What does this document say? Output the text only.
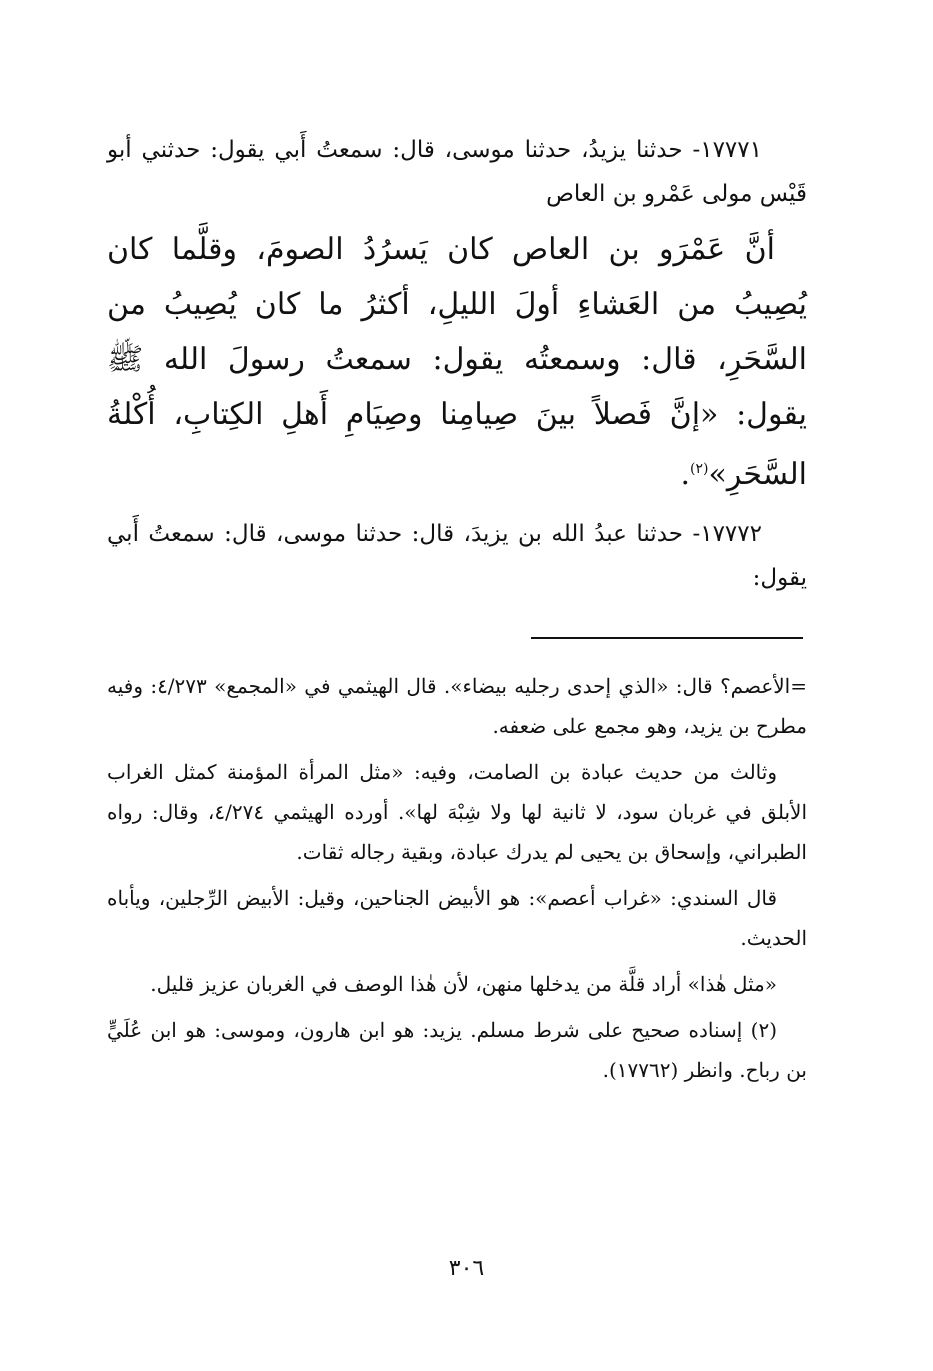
١٧٧٧١- حدثنا يزيدُ، حدثنا موسى، قال: سمعتُ أَبي يقول: حدثني أبو قَيْس مولى عَمْرو بن العاص

أنَّ عَمْرَو بن العاص كان يَسرُدُ الصومَ، وقلَّما كان يُصِيبُ من العَشاءِ أولَ الليلِ، أكثرُ ما كان يُصِيبُ من السَّحَرِ، قال: وسمعتُه يقول: سمعتُ رسولَ الله ﷺ يقول: «إنَّ فَصلاً بينَ صِيامِنا وصِيَامِ أَهلِ الكِتابِ، أُكْلةُ السَّحَرِ»$^{(٢)}$.

١٧٧٧٢- حدثنا عبدُ الله بن يزيدَ، قال: حدثنا موسى، قال: سمعتُ أَبي يقول:

=الأعصم؟ قال: «الذي إحدى رجليه بيضاء». قال الهيثمي في «المجمع» ٤/٢٧٣: وفيه مطرح بن يزيد، وهو مجمع على ضعفه.

وثالث من حديث عبادة بن الصامت، وفيه: «مثل المرأة المؤمنة كمثل الغراب الأبلق في غربان سود، لا ثانية لها ولا شِبْهَ لها». أورده الهيثمي ٤/٢٧٤، وقال: رواه الطبراني، وإسحاق بن يحيى لم يدرك عبادة، وبقية رجاله ثقات.

قال السندي: «غراب أعصم»: هو الأبيض الجناحين، وقيل: الأبيض الرِّجلين، ويأباه الحديث.

«مثل هٰذا» أراد قلَّة من يدخلها منهن، لأن هٰذا الوصف في الغربان عزيز قليل.

(٢) إسناده صحيح على شرط مسلم. يزيد: هو ابن هارون، وموسى: هو ابن عُلَيٍّ بن رباح. وانظر (١٧٧٦٢).

٣٠٦
